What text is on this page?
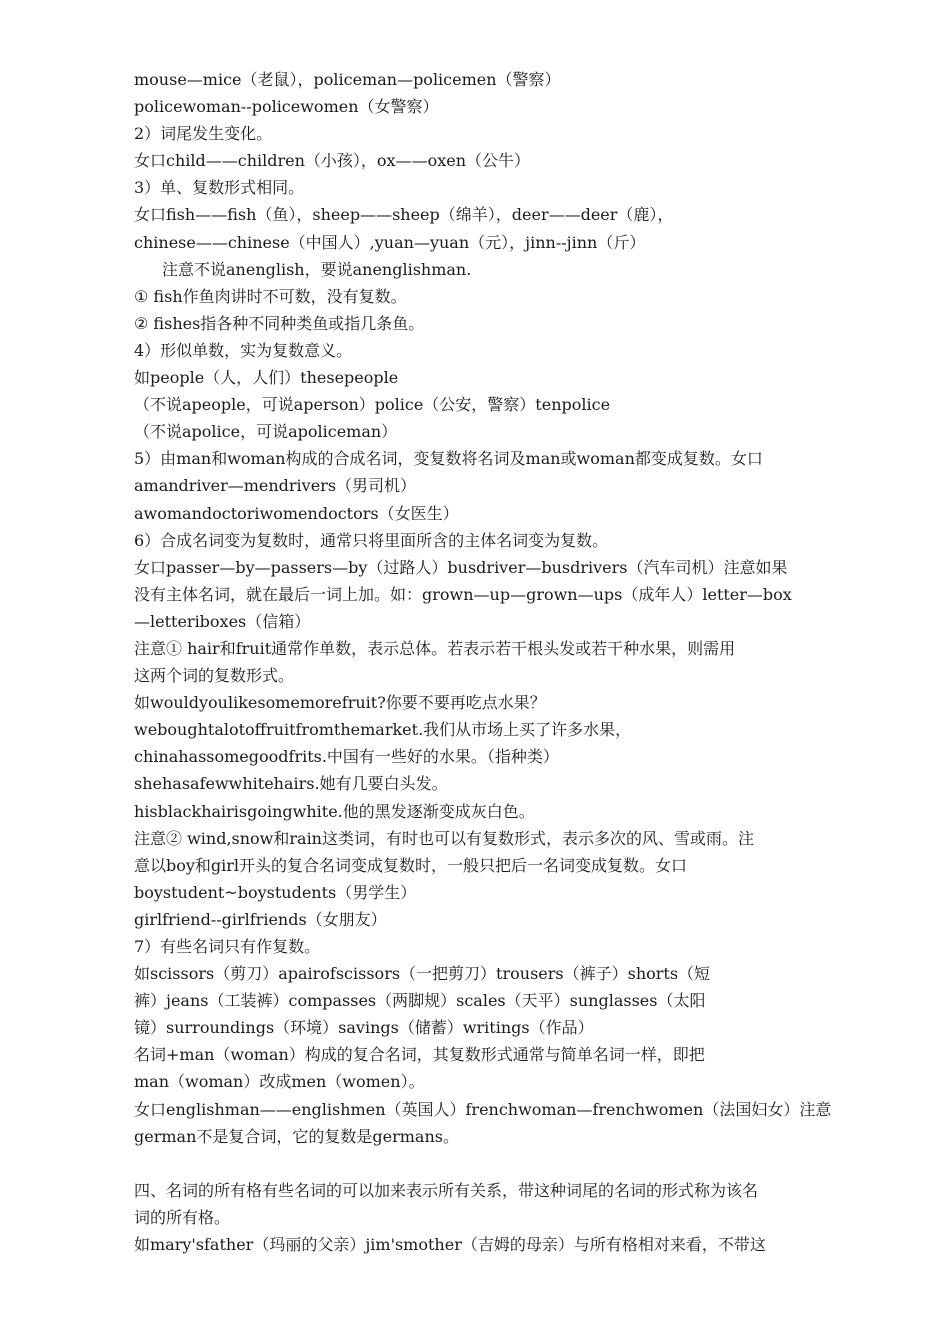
mouse—mice（老鼠），policeman—policemen（警察）
policewoman--policewomen（女警察）
2）词尾发生变化。
女口child——children（小孩），ox——oxen（公牛）
3）单、复数形式相同。
女口fish——fish（鱼），sheep——sheep（绵羊），deer——deer（鹿），
chinese——chinese（中国人）,yuan—yuan（元），jinn--jinn（斤）
注意不说anenglish，要说anenglishman.
① fish作鱼肉讲时不可数，没有复数。
② fishes指各种不同种类鱼或指几条鱼。
4）形似单数，实为复数意义。
如people（人，人们）thesepeople
（不说apeople，可说aperson）police（公安，警察）tenpolice
（不说apolice，可说apoliceman）
5）由man和woman构成的合成名词，变复数将名词及man或woman都变成复数。女口
amandriver—mendrivers（男司机）
awomandoctoriwomendoctors（女医生）
6）合成名词变为复数时，通常只将里面所含的主体名词变为复数。
女口passer—by—passers—by（过路人）busdriver—busdrivers（汽车司机）注意如果
没有主体名词，就在最后一词上加。如：grown—up—grown—ups（成年人）letter—box
—letteriboxes（信箱）
注意① hair和fruit通常作单数，表示总体。若表示若干根头发或若干种水果，则需用
这两个词的复数形式。
如wouldyoulikesomemorefruit?你要不要再吃点水果？
weboughtalotoffruitfromthemarket.我们从市场上买了许多水果，
chinahassomegoodfrits.中国有一些好的水果。（指种类）
shehasafewwhitehairs.她有几要白头发。
hisblackhairisgoingwhite.他的黑发逐渐变成灰白色。
注意② wind,snow和rain这类词，有时也可以有复数形式，表示多次的风、雪或雨。注
意以boy和girl开头的复合名词变成复数时，一般只把后一名词变成复数。女口
boystudent~boystudents（男学生）
girlfriend--girlfriends（女朋友）
7）有些名词只有作复数。
如scissors（剪刀）apairofscissors（一把剪刀）trousers（裤子）shorts（短
裤）jeans（工装裤）compasses（两脚规）scales（天平）sunglasses（太阳
镜）surroundings（环境）savings（储蓄）writings（作品）
名词+man（woman）构成的复合名词，其复数形式通常与简单名词一样，即把
man（woman）改成men（women）。
女口englishman——englishmen（英国人）frenchwoman—frenchwomen（法国妇女）注意
german不是复合词，它的复数是germans。
四、名词的所有格有些名词的可以加来表示所有关系，带这种词尾的名词的形式称为该名
词的所有格。
如mary'sfather（玛丽的父亲）jim'smother（吉姆的母亲）与所有格相对来看，不带这
